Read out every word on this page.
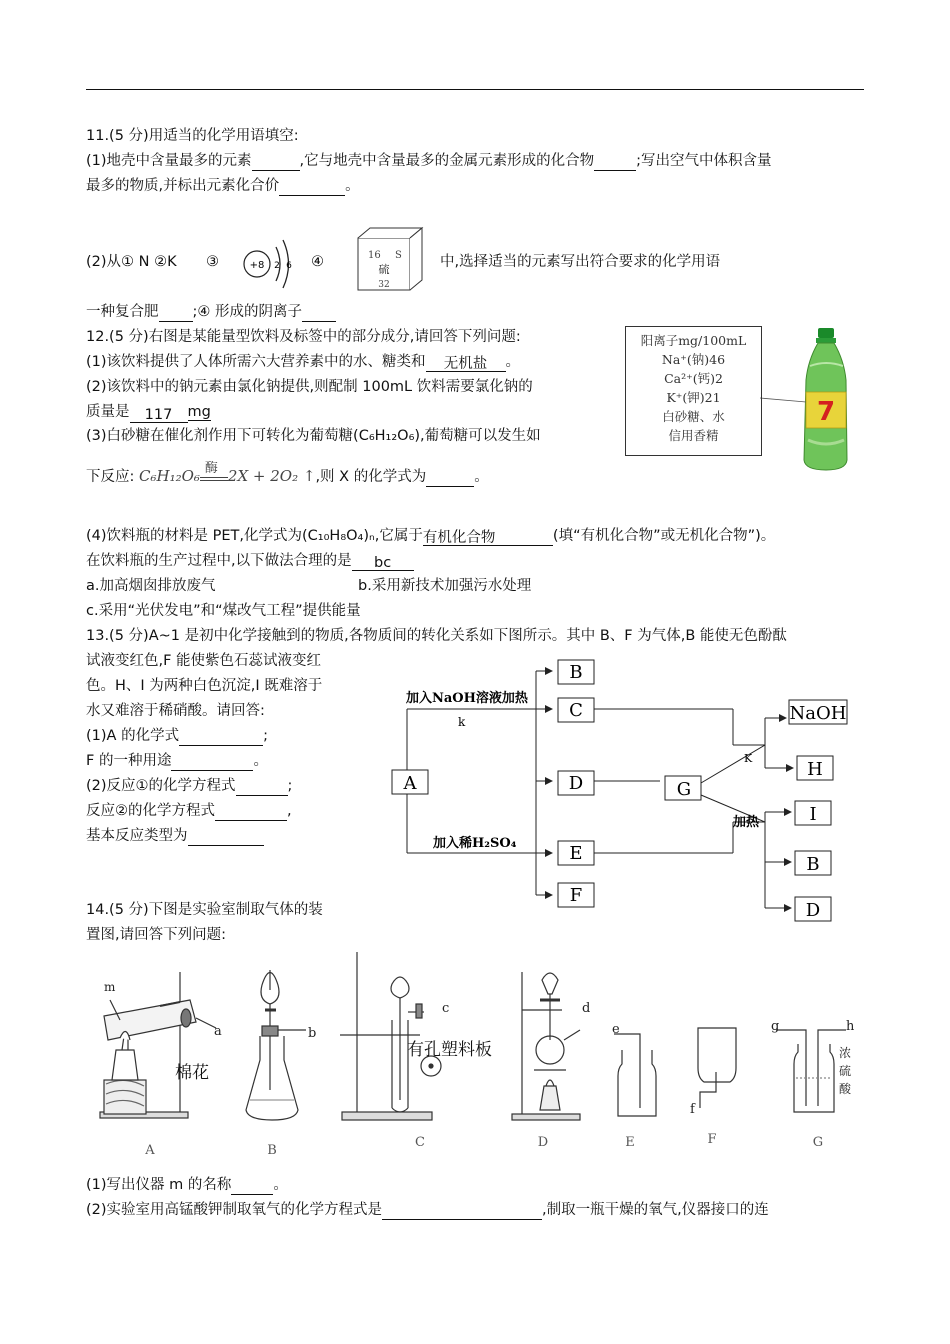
11.(5 分)用适当的化学用语填空:
(1)地壳中含量最多的元素	,它与地壳中含量最多的金属元素形成的化合物	;写出空气中体积含量
最多的物质,并标出元素化合价	。
(2)从① N ②K ③	④	中,选择适当的元素写出符合要求的化学用语
+8 2 6
16 S
硫
32
7
A
加入NaOH溶液加热
k
加入稀H₂SO₄
B
C
D
E
F
G
K
加热
NaOH
H
I
B
D
m
a	b
c	d
e
f
g	h
浓
硫
酸
A	B
C	D	E	F	G
棉花
有孔塑料板
一种复合肥 ;④ 形成的阴离子
12.(5 分)右图是某能量型饮料及标签中的部分成分,请回答下列问题:
(1)该饮料提供了人体所需六大营养素中的水、糖类和 无机盐 。
(2)该饮料中的钠元素由氯化钠提供,则配制 100mL 饮料需要氯化钠的
质量是 117 mg
(3)白砂糖在催化剂作用下可转化为葡萄糖(C₆H₁₂O₆),葡萄糖可以发生如
下反应: C₆H₁₂O₆ 酶 2X + 2O₂ ↑,则 X 的化学式为	。
阳离子mg/100mL
Na⁺(钠)46
Ca²⁺(钙)2
K⁺(钾)21
白砂糖、水
信用香精
(4)饮料瓶的材料是 PET,化学式为(C₁₀H₈O₄)ₙ,它属于有机化合物	(填“有机化合物”或无机化合物”)。
在饮料瓶的生产过程中,以下做法合理的是 bc
a.加高烟囱排放废气	b.采用新技术加强污水处理
c.采用“光伏发电”和“煤改气工程”提供能量
13.(5 分)A~1 是初中化学接触到的物质,各物质间的转化关系如下图所示。其中 B、F 为气体,B 能使无色酚酞
试液变红色,F 能使紫色石蕊试液变红
色。H、I 为两种白色沉淀,I 既难溶于
水又难溶于稀硝酸。请回答:
(1)A 的化学式	;
F 的一种用途	。
(2)反应①的化学方程式	;
反应②的化学方程式	,
基本反应类型为
14.(5 分)下图是实验室制取气体的装
置图,请回答下列问题:
(1)写出仪器 m 的名称	。
(2)实验室用高锰酸钾制取氧气的化学方程式是	,制取一瓶干燥的氧气,仪器接口的连
